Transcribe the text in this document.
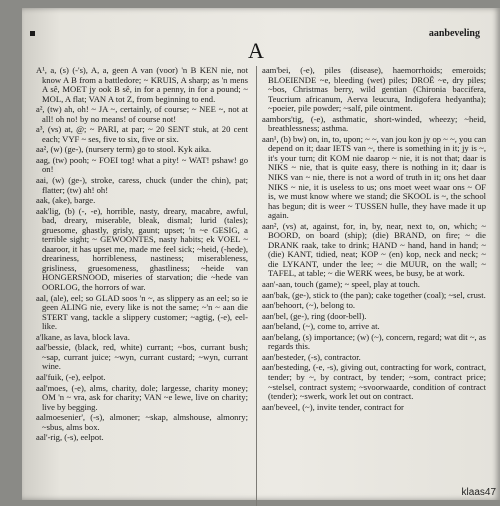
aanbeveling
A

A¹, a, (s) (-'s), A, a, geen A van (voor) 'n B KEN nie, not know A B from a battledore; ~ KRUIS, A sharp; as 'n mens A sê, MOET jy ook B sê, in for a penny, in for a pound; ~ MOL, A flat; VAN A tot Z, from beginning to end.

a², (tw) ah, oh! ~ JA ~, certainly, of course; ~ NEE ~, not at all! oh no! by no means! of course not!

a³, (vs) at, @; ~ PARI, at par; ~ 20 SENT stuk, at 20 cent each; VYF ~ ses, five to six, five or six.

aa², (w) (ge-), (nursery term) go to stool. Kyk aika.

aag, (tw) pooh; ~ FOEI tog! what a pity! ~ WAT! pshaw! go on!

aai, (w) (ge-), stroke, caress, chuck (under the chin), pat; flatter; (tw) ah! oh!

aak, (ake), barge.

aak'lig, (b) (-, -e), horrible, nasty, dreary, macabre, awful, bad, dreary, miserable, bleak, dismal; lurid (tales); gruesome, ghastly, grisly, gaunt; upset; 'n ~e GESIG, a terrible sight; ~ GEWOONTES, nasty habits; ek VOEL ~ daaroor, it has upset me, made me feel sick; ~heid, (-hede), dreariness, horribleness, nastiness; miserableness, grisliness, gruesomeness, ghastliness; ~heide van HONGERSNOOD, miseries of starvation; die ~hede van OORLOG, the horrors of war.

aal, (ale), eel; so GLAD soos 'n ~, as slippery as an eel; so ie geen ALING nie, every like is not the same; ~'n ~ aan die STERT vang, tackle a slippery customer; ~agtig, (-e), eel-like.

a'lkane, as lava, block lava.

aal'bessie, (black, red, white) currant; ~bos, currant bush; ~sap, currant juice; ~wyn, currant custard; ~wyn, currant wine.

aal'fuik, (-e), eelpot.

aal'moes, (-e), alms, charity, dole; largesse, charity money; OM 'n ~ vra, ask for charity; VAN ~e lewe, live on charity; live by begging.

aalmoesenier', (-s), almoner; ~skap, almshouse, almonry; ~sbus, alms box.

aal'-rig, (-s), eelpot.

aam'bei, (-e), piles (disease), haemorrhoids; emeroids; BLOEIENDE ~e, bleeding (wet) piles; DROË ~e, dry piles; ~bos, Christmas berry, wild gentian (Chironia baccifera, Teucrium africanum, Aerva leucura, Indigofera hedyantha); ~poeier, pile powder; ~salf, pile ointment.

aambors'tig, (-e), asthmatic, short-winded, wheezy; ~heid, breathlessness; asthma.

aan¹, (b) bw) on, in, to, upon; ~ ~, van jou kon jy op ~ ~, you can depend on it; daar IETS van ~, there is something in it; jy is ~, it's your turn; dit KOM nie daarop ~ nie, it is not that; daar is NIKS ~ nie, that is quite easy, there is nothing in it; daar is NIKS van ~ nie, there is not a word of truth in it; ons het daar NIKS ~ nie, it is useless to us; ons moet weet waar ons ~ OF is, we must know where we stand; die SKOOL is ~, the school has begun; dit is weer ~ TUSSEN hulle, they have made it up again.

aan², (vs) at, against, for, in, by, near, next to, on, which; ~ BOORD, on board (ship); (die) BRAND, on fire; ~ die DRANK raak, take to drink; HAND ~ hand, hand in hand; ~ (die) KANT, tidied, neat; KOP ~ (en) kop, neck and neck; ~ die LYKANT, under the lee; ~ die MUUR, on the wall; ~ TAFEL, at table; ~ die WERK wees, be busy, be at work.

aan'-aan, touch (game); ~ speel, play at touch.

aan'bak, (ge-), stick to (the pan); cake together (coal); ~sel, crust.

aan'behoort, (~), belong to.

aan'bel, (ge-), ring (door-bell).

aan'beland, (~), come to, arrive at.

aan'belang, (s) importance; (w) (~), concern, regard; wat dit ~, as regards this.

aan'besteder, (-s), contractor.

aan'besteding, (-e, -s), giving out, contracting for work, contract, tender; by ~, by contract, by tender; ~som, contract price; ~stelsel, contract system; ~svoorwaarde, condition of contract (tender); ~swerk, work let out on contract.

aan'beveel, (~), invite tender, contract for

klaas47
